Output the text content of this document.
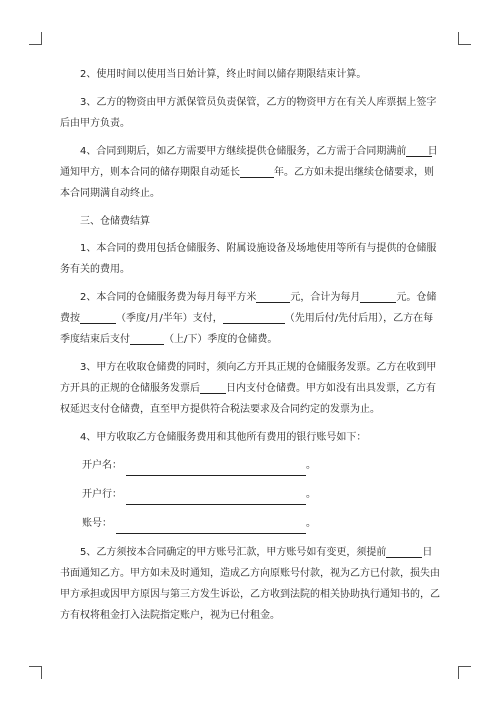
2、使用时间以使用当日始计算，终止时间以储存期限结束计算。

3、乙方的物资由甲方派保管员负责保管，乙方的物资甲方在有关人库票据上签字后由甲方负责。

4、合同到期后，如乙方需要甲方继续提供仓储服务，乙方需于合同期满前 日通知甲方，则本合同的储存期限自动延长	年。乙方如未提出继续仓储要求，则本合同期满自动终止。

三、仓储费结算

1、本合同的费用包括仓储服务、附属设施设备及场地使用等所有与提供的仓储服务有关的费用。

2、本合同的仓储服务费为每月每平方米	元，合计为每月	元。仓储费按	（季度/月/半年）支付，	（先用后付/先付后用），乙方在每季度结束后支付	（上/下）季度的仓储费。

3、甲方在收取仓储费的同时，须向乙方开具正规的仓储服务发票。乙方在收到甲方开具的正规的仓储服务发票后	日内支付仓储费。甲方如没有出具发票，乙方有权延迟支付仓储费，直至甲方提供符合税法要求及合同约定的发票为止。

4、甲方收取乙方仓储服务费用和其他所有费用的银行账号如下：

开户名：	。
开户行：	。
账号：	。

5、乙方须按本合同确定的甲方账号汇款，甲方账号如有变更，须提前	日书面通知乙方。甲方如未及时通知，造成乙方向原账号付款，视为乙方已付款，损失由甲方承担或因甲方原因与第三方发生诉讼，乙方收到法院的相关协助执行通知书的，乙方有权将租金打入法院指定账户，视为已付租金。
